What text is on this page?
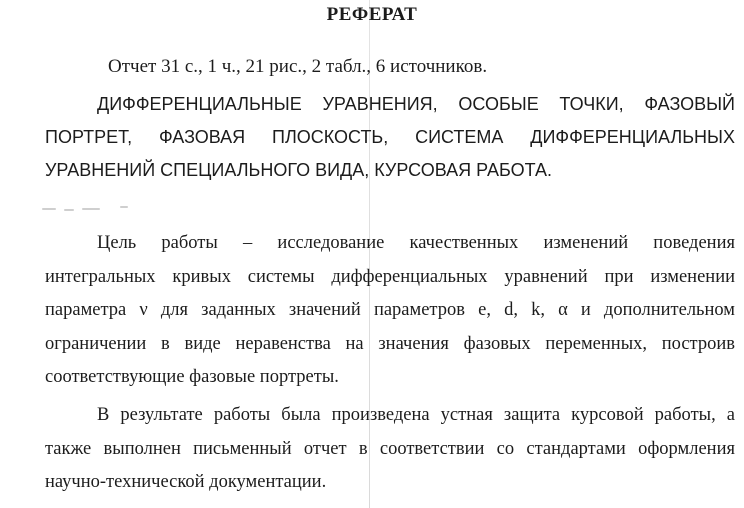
РЕФЕРАТ

Отчет 31 с., 1 ч., 21 рис., 2 табл., 6 источников.

ДИФФЕРЕНЦИАЛЬНЫЕ УРАВНЕНИЯ, ОСОБЫЕ ТОЧКИ, ФАЗОВЫЙ
ПОРТРЕТ, ФАЗОВАЯ ПЛОСКОСТЬ, СИСТЕМА ДИФФЕРЕНЦИАЛЬНЫХ
УРАВНЕНИЙ СПЕЦИАЛЬНОГО ВИДА, КУРСОВАЯ РАБОТА.

Цель работы – исследование качественных изменений поведения
интегральных кривых системы дифференциальных уравнений при изменении
параметра ν для заданных значений параметров e, d, k, α и дополнительном
ограничении в виде неравенства на значения фазовых переменных, построив
соответствующие фазовые портреты.

В результате работы была произведена устная защита курсовой работы, а
также выполнен письменный отчет в соответствии со стандартами оформления
научно-технической документации.
